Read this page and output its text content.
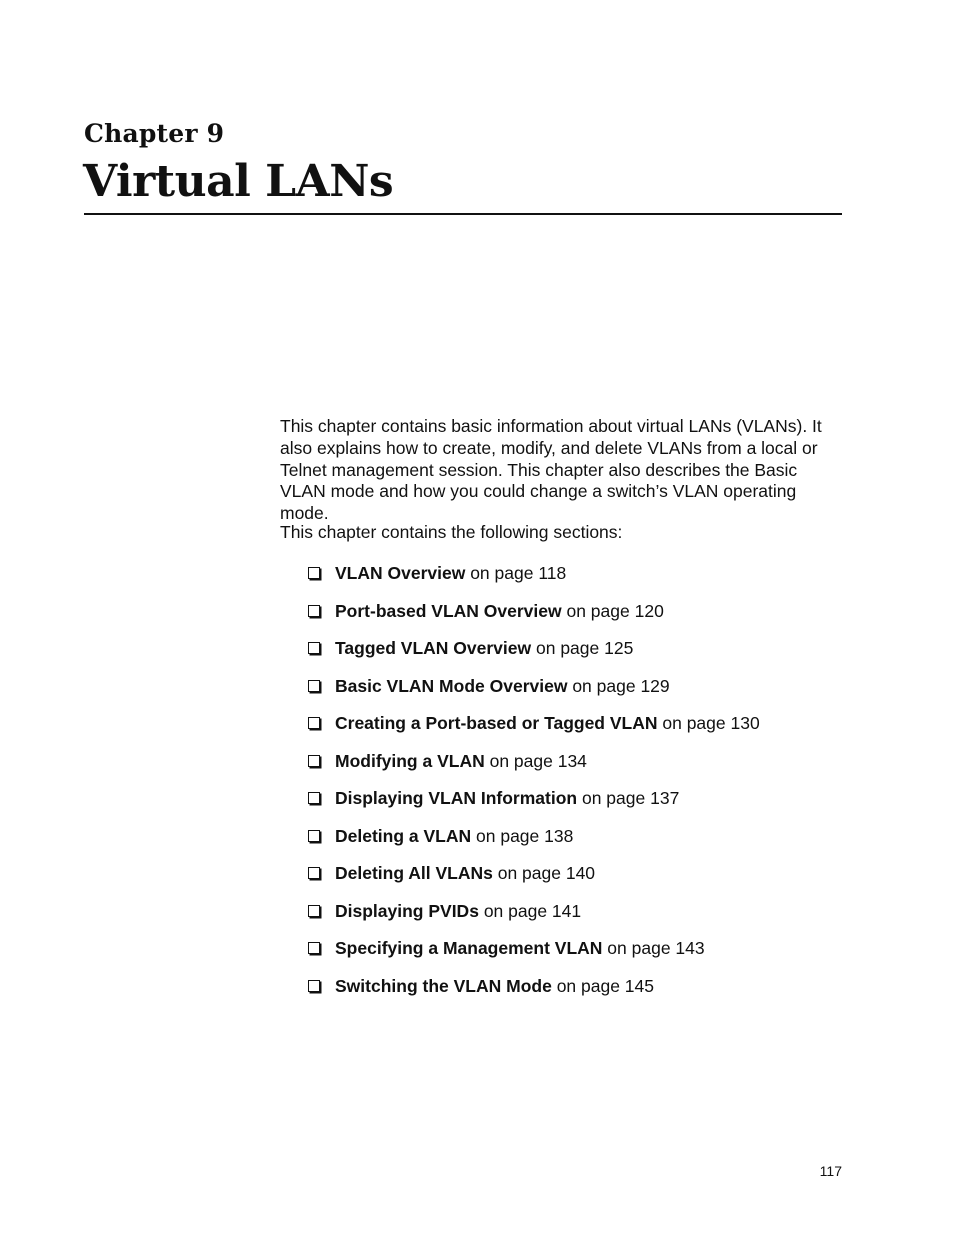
Chapter 9
Virtual LANs

This chapter contains basic information about virtual LANs (VLANs). It also explains how to create, modify, and delete VLANs from a local or Telnet management session. This chapter also describes the Basic VLAN mode and how you could change a switch’s VLAN operating mode.

This chapter contains the following sections:

VLAN Overview on page 118
Port-based VLAN Overview on page 120
Tagged VLAN Overview on page 125
Basic VLAN Mode Overview on page 129
Creating a Port-based or Tagged VLAN on page 130
Modifying a VLAN on page 134
Displaying VLAN Information on page 137
Deleting a VLAN on page 138
Deleting All VLANs on page 140
Displaying PVIDs on page 141
Specifying a Management VLAN on page 143
Switching the VLAN Mode on page 145
117
